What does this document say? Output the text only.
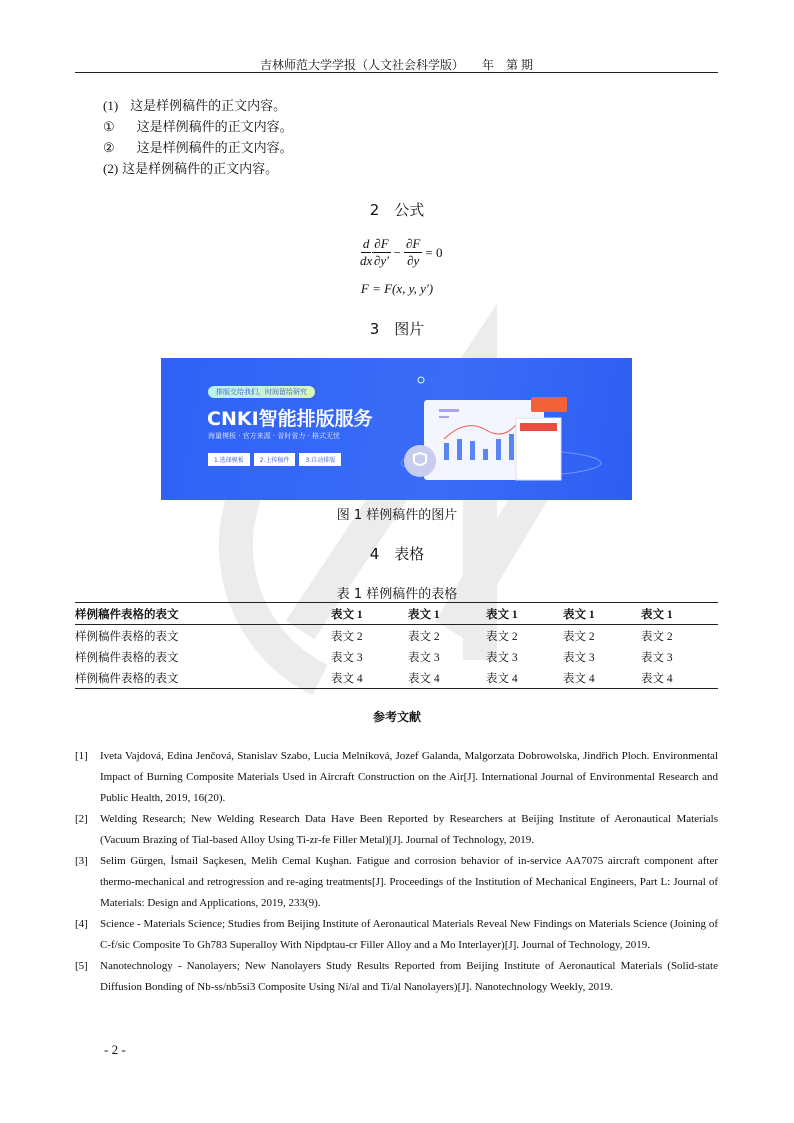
吉林师范大学学报（人文社会科学版）　　年　第 期
(1) 这是样例稿件的正文内容。
① 这是样例稿件的正文内容。
② 这是样例稿件的正文内容。
(2) 这是样例稿件的正文内容。
2　公式
d
dx
∂F
∂y′
− $\frac{\partial F}{\partial y} = 0$
F = F(x, y, y′)
3　图片
排版交给我们，时间留给研究
CNKI智能排版服务
海量模板 · 官方来源 · 省时省力 · 格式无忧
1.选择模板	2.上传稿件	3.自动排版
图 1 样例稿件的图片
4　表格
表 1 样例稿件的表格
样例稿件表格的表文	表文 1	表文 1	表文 1	表文 1	表文 1
样例稿件表格的表文	表文 2	表文 2	表文 2	表文 2	表文 2
样例稿件表格的表文	表文 3	表文 3	表文 3	表文 3	表文 3
样例稿件表格的表文	表文 4	表文 4	表文 4	表文 4	表文 4
参考文献
[1]	Iveta Vajdová, Edina Jenčová, Stanislav Szabo, Lucia Melníková, Jozef Galanda, Malgorzata Dobrowolska, Jindřich Ploch. Environmental Impact of Burning Composite Materials Used in Aircraft Construction on the Air[J]. International Journal of Environmental Research and Public Health, 2019, 16(20).
[2]	Welding Research; New Welding Research Data Have Been Reported by Researchers at Beijing Institute of Aeronautical Materials (Vacuum Brazing of Tial-based Alloy Using Ti-zr-fe Filler Metal)[J]. Journal of Technology, 2019.
[3]	Selim Gürgen, İsmail Saçkesen, Melih Cemal Kuşhan. Fatigue and corrosion behavior of in-service AA7075 aircraft component after thermo-mechanical and retrogression and re-aging treatments[J]. Proceedings of the Institution of Mechanical Engineers, Part L: Journal of Materials: Design and Applications, 2019, 233(9).
[4]	Science - Materials Science; Studies from Beijing Institute of Aeronautical Materials Reveal New Findings on Materials Science (Joining of C-f/sic Composite To Gh783 Superalloy With Nipdptau-cr Filler Alloy and a Mo Interlayer)[J]. Journal of Technology, 2019.
[5]	Nanotechnology - Nanolayers; New Nanolayers Study Results Reported from Beijing Institute of Aeronautical Materials (Solid-state Diffusion Bonding of Nb-ss/nb5si3 Composite Using Ni/al and Ti/al Nanolayers)[J]. Nanotechnology Weekly, 2019.
- 2 -
